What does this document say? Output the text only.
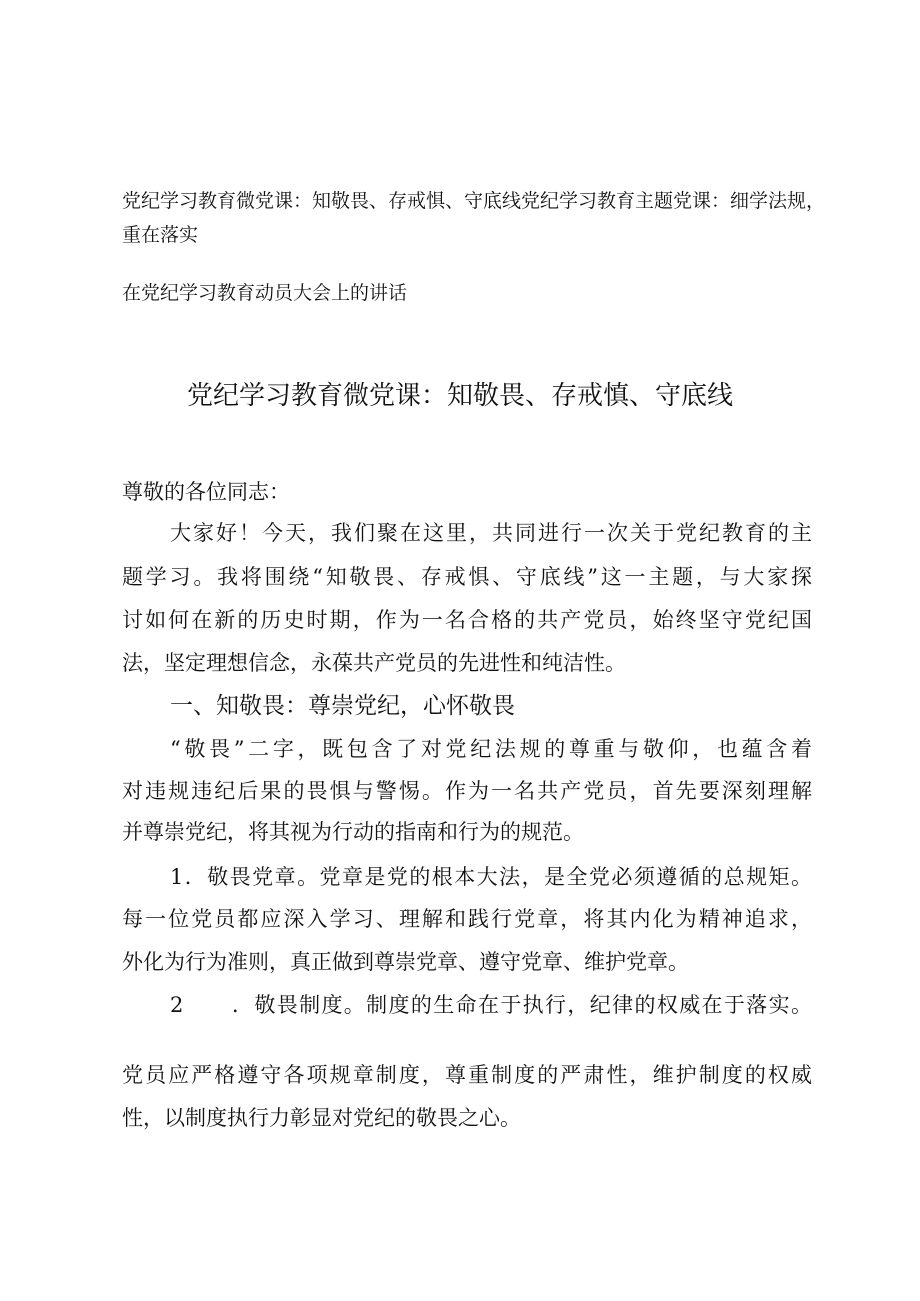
党纪学习教育微党课：知敬畏、存戒惧、守底线党纪学习教育主题党课：细学法规，
重在落实
在党纪学习教育动员大会上的讲话
党纪学习教育微党课：知敬畏、存戒慎、守底线
尊敬的各位同志：
大家好！今天，我们聚在这里，共同进行一次关于党纪教育的主
题学习。我将围绕“知敬畏、存戒惧、守底线”这一主题，与大家探
讨如何在新的历史时期，作为一名合格的共产党员，始终坚守党纪国
法，坚定理想信念，永葆共产党员的先进性和纯洁性。
一、知敬畏：尊崇党纪，心怀敬畏
“敬畏”二字，既包含了对党纪法规的尊重与敬仰，也蕴含着
对违规违纪后果的畏惧与警惕。作为一名共产党员，首先要深刻理解
并尊崇党纪，将其视为行动的指南和行为的规范。
1．敬畏党章。党章是党的根本大法，是全党必须遵循的总规矩。
每一位党员都应深入学习、理解和践行党章，将其内化为精神追求，
外化为行为准则，真正做到尊崇党章、遵守党章、维护党章。
2	．敬畏制度。制度的生命在于执行，纪律的权威在于落实。
党员应严格遵守各项规章制度，尊重制度的严肃性，维护制度的权威
性，以制度执行力彰显对党纪的敬畏之心。
